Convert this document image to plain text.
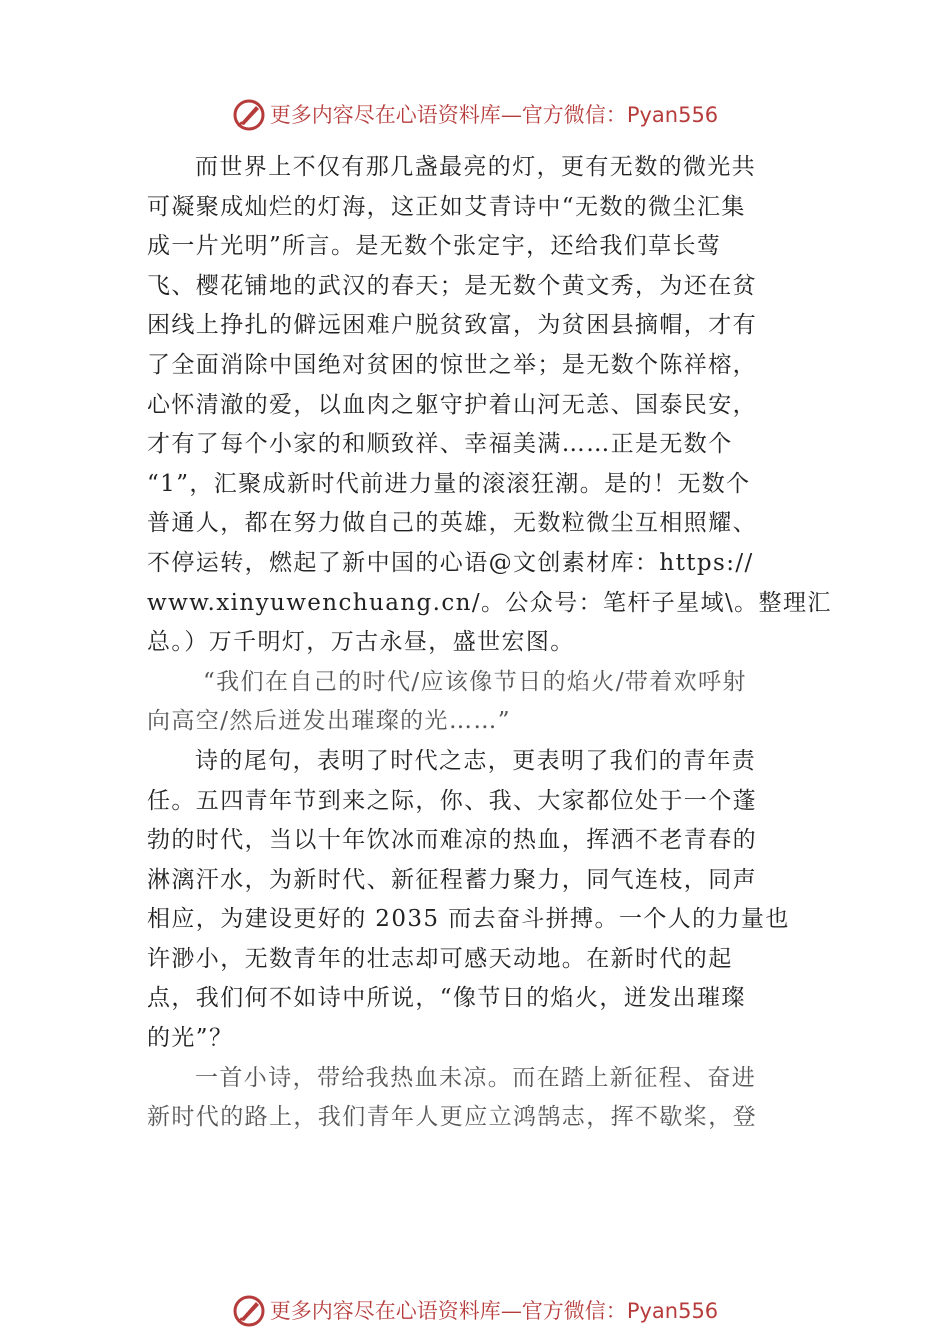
更多内容尽在心语资料库 — 官方微信： Pyan556

而世界上不仅有那几盏最亮的灯，更有无数的微光共
可凝聚成灿烂的灯海，这正如艾青诗中“无数的微尘汇集
成一片光明”所言。是无数个张定宇，还给我们草长莺
飞、樱花铺地的武汉的春天；是无数个黄文秀，为还在贫
困线上挣扎的僻远困难户脱贫致富，为贫困县摘帽，才有
了全面消除中国绝对贫困的惊世之举；是无数个陈祥榕，
心怀清澈的爱，以血肉之躯守护着山河无恙、国泰民安，
才有了每个小家的和顺致祥、幸福美满……正是无数个
“1”，汇聚成新时代前进力量的滚滚狂潮。是的！无数个
普通人，都在努力做自己的英雄，无数粒微尘互相照耀、
不停运转，燃起了新中国的心语@文创素材库：https://
www.xinyuwenchuang.cn/。公众号：笔杆子星域\。整理汇
总。）万千明灯，万古永昼，盛世宏图。

“我们在自己的时代/应该像节日的焰火/带着欢呼射
向高空/然后迸发出璀璨的光……”

诗的尾句，表明了时代之志，更表明了我们的青年责
任。五四青年节到来之际，你、我、大家都位处于一个蓬
勃的时代，当以十年饮冰而难凉的热血，挥洒不老青春的
淋漓汗水，为新时代、新征程蓄力聚力，同气连枝，同声
相应，为建设更好的 2035 而去奋斗拼搏。一个人的力量也
许渺小，无数青年的壮志却可感天动地。在新时代的起
点，我们何不如诗中所说，“像节日的焰火，迸发出璀璨
的光”？

一首小诗，带给我热血未凉。而在踏上新征程、奋进
新时代的路上，我们青年人更应立鸿鹄志，挥不歇桨，登

更多内容尽在心语资料库 — 官方微信： Pyan556
